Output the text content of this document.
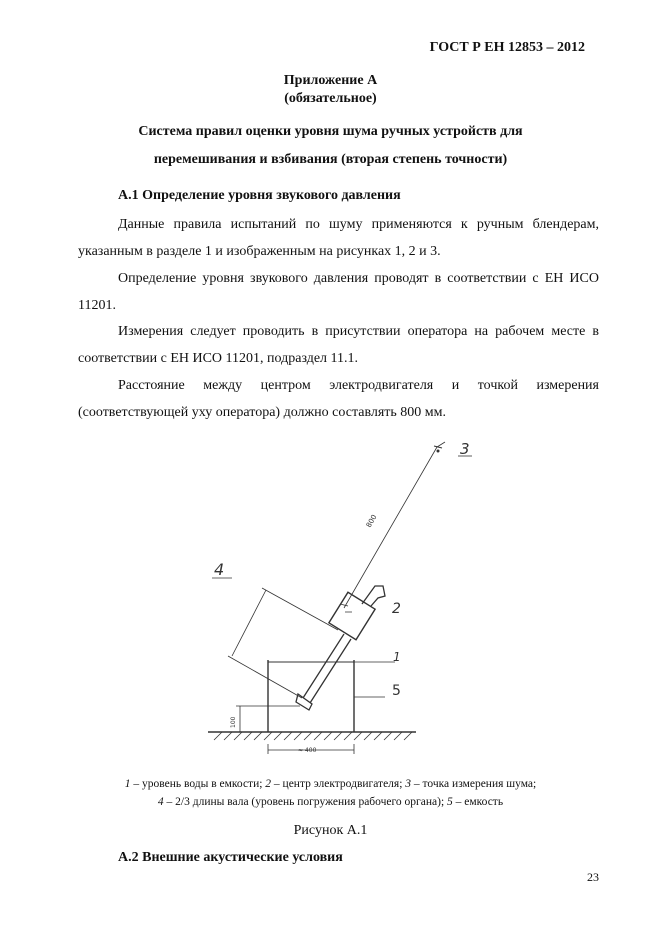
ГОСТ Р ЕН 12853 – 2012
Приложение А
(обязательное)
Система правил оценки уровня шума ручных устройств для
перемешивания и взбивания (вторая степень точности)
А.1 Определение уровня звукового давления

Данные правила испытаний по шуму применяются к ручным блендерам, указанным в разделе 1 и изображенным на рисунках 1, 2 и 3.

Определение уровня звукового давления проводят в соответствии с ЕН ИСО 11201.

Измерения следует проводить в присутствии оператора на рабочем месте в соответствии с ЕН ИСО 11201, подраздел 11.1.

Расстояние между центром электродвигателя и точкой измерения (соответствующей уху оператора) должно составлять 800 мм.

800
100
≈ 400
3
2
4
1
5
1 – уровень воды в емкости; 2 – центр электродвигателя; 3 – точка измерения шума;
4 – 2/3 длины вала (уровень погружения рабочего органа); 5 – емкость
Рисунок А.1
А.2 Внешние акустические условия
23
